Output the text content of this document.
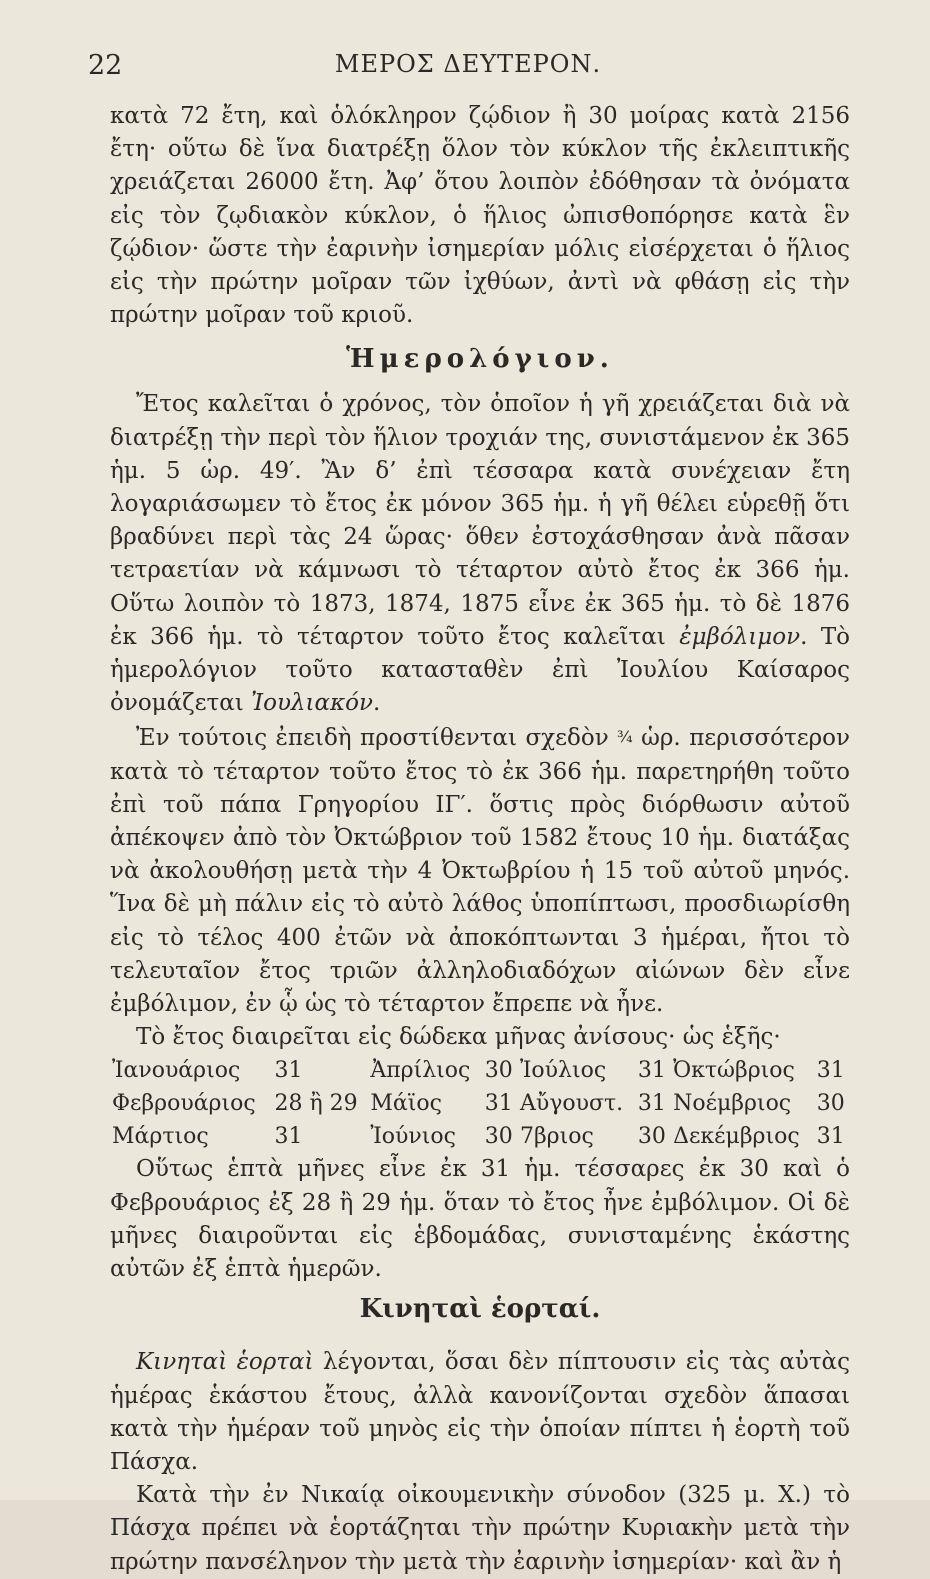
22	ΜΕΡΟΣ ΔΕΥΤΕΡΟΝ.

κατὰ 72 ἔτη, καὶ ὁλόκληρον ζῴδιον ἢ 30 μοίρας κατὰ 2156 ἔτη· οὕτω δὲ ἵνα διατρέξῃ ὅλον τὸν κύκλον τῆς ἐκλειπτικῆς χρειάζεται 26000 ἔτη. Ἀφ’ ὅτου λοιπὸν ἐδόθησαν τὰ ὀνόματα εἰς τὸν ζῳδιακὸν κύκλον, ὁ ἥλιος ὠπισθοπόρησε κατὰ ἓν ζῴδιον· ὥστε τὴν ἐαρινὴν ἰσημερίαν μόλις εἰσέρχεται ὁ ἥλιος εἰς τὴν πρώτην μοῖραν τῶν ἰχθύων, ἀντὶ νὰ φθάσῃ εἰς τὴν πρώτην μοῖραν τοῦ κριοῦ.

Ἡμερολόγιον.

Ἔτος καλεῖται ὁ χρόνος, τὸν ὁποῖον ἡ γῆ χρειάζεται διὰ νὰ διατρέξῃ τὴν περὶ τὸν ἥλιον τροχιάν της, συνιστάμενον ἐκ 365 ἡμ. 5 ὡρ. 49′. Ἂν δ’ ἐπὶ τέσσαρα κατὰ συνέχειαν ἔτη λογαριάσωμεν τὸ ἔτος ἐκ μόνον 365 ἡμ. ἡ γῆ θέλει εὑρεθῇ ὅτι βραδύνει περὶ τὰς 24 ὥρας· ὅθεν ἐστοχάσθησαν ἀνὰ πᾶσαν τετραετίαν νὰ κάμνωσι τὸ τέταρτον αὐτὸ ἔτος ἐκ 366 ἡμ. Οὕτω λοιπὸν τὸ 1873, 1874, 1875 εἶνε ἐκ 365 ἡμ. τὸ δὲ 1876 ἐκ 366 ἡμ. τὸ τέταρτον τοῦτο ἔτος καλεῖται ἐμβόλιμον. Τὸ ἡμερολόγιον τοῦτο κατασταθὲν ἐπὶ Ἰουλίου Καίσαρος ὀνομάζεται Ἰουλιακόν.

Ἐν τούτοις ἐπειδὴ προστίθενται σχεδὸν ¾ ὡρ. περισσότερον κατὰ τὸ τέταρτον τοῦτο ἔτος τὸ ἐκ 366 ἡμ. παρετηρήθη τοῦτο ἐπὶ τοῦ πάπα Γρηγορίου ΙΓ′. ὅστις πρὸς διόρθωσιν αὐτοῦ ἀπέκοψεν ἀπὸ τὸν Ὀκτώβριον τοῦ 1582 ἔτους 10 ἡμ. διατάξας νὰ ἀκολουθήσῃ μετὰ τὴν 4 Ὀκτωβρίου ἡ 15 τοῦ αὐτοῦ μηνός. Ἵνα δὲ μὴ πάλιν εἰς τὸ αὐτὸ λάθος ὑποπίπτωσι, προσδιωρίσθη εἰς τὸ τέλος 400 ἐτῶν νὰ ἀποκόπτωνται 3 ἡμέραι, ἤτοι τὸ τελευταῖον ἔτος τριῶν ἀλληλοδιαδόχων αἰώνων δὲν εἶνε ἐμβόλιμον, ἐν ᾧ ὡς τὸ τέταρτον ἔπρεπε νὰ ἦνε.

Τὸ ἔτος διαιρεῖται εἰς δώδεκα μῆνας ἀνίσους· ὡς ἑξῆς·

Ἰανουάριος	31	Ἀπρίλιος	30	Ἰούλιος	31	Ὀκτώβριος	31
Φεβρουάριος	28 ἢ 29	Μάϊος	31	Αὔγουστ.	31	Νοέμβριος	30
Μάρτιος	31	Ἰούνιος	30	7βριος	30	Δεκέμβριος	31

Οὕτως ἑπτὰ μῆνες εἶνε ἐκ 31 ἡμ. τέσσαρες ἐκ 30 καὶ ὁ Φεβρουάριος ἐξ 28 ἢ 29 ἡμ. ὅταν τὸ ἔτος ἦνε ἐμβόλιμον. Οἱ δὲ μῆνες διαιροῦνται εἰς ἑβδομάδας, συνισταμένης ἑκάστης αὐτῶν ἐξ ἑπτὰ ἡμερῶν.

Κινηταὶ ἑορταί.

Κινηταὶ ἑορταὶ λέγονται, ὅσαι δὲν πίπτουσιν εἰς τὰς αὐτὰς ἡμέρας ἑκάστου ἔτους, ἀλλὰ κανονίζονται σχεδὸν ἅπασαι κατὰ τὴν ἡμέραν τοῦ μηνὸς εἰς τὴν ὁποίαν πίπτει ἡ ἑορτὴ τοῦ Πάσχα.

Κατὰ τὴν ἐν Νικαίᾳ οἰκουμενικὴν σύνοδον (325 μ. Χ.) τὸ Πάσχα πρέπει νὰ ἑορτάζηται τὴν πρώτην Κυριακὴν μετὰ τὴν πρώτην πανσέληνον τὴν μετὰ τὴν ἐαρινὴν ἰσημερίαν· καὶ ἂν ἡ
